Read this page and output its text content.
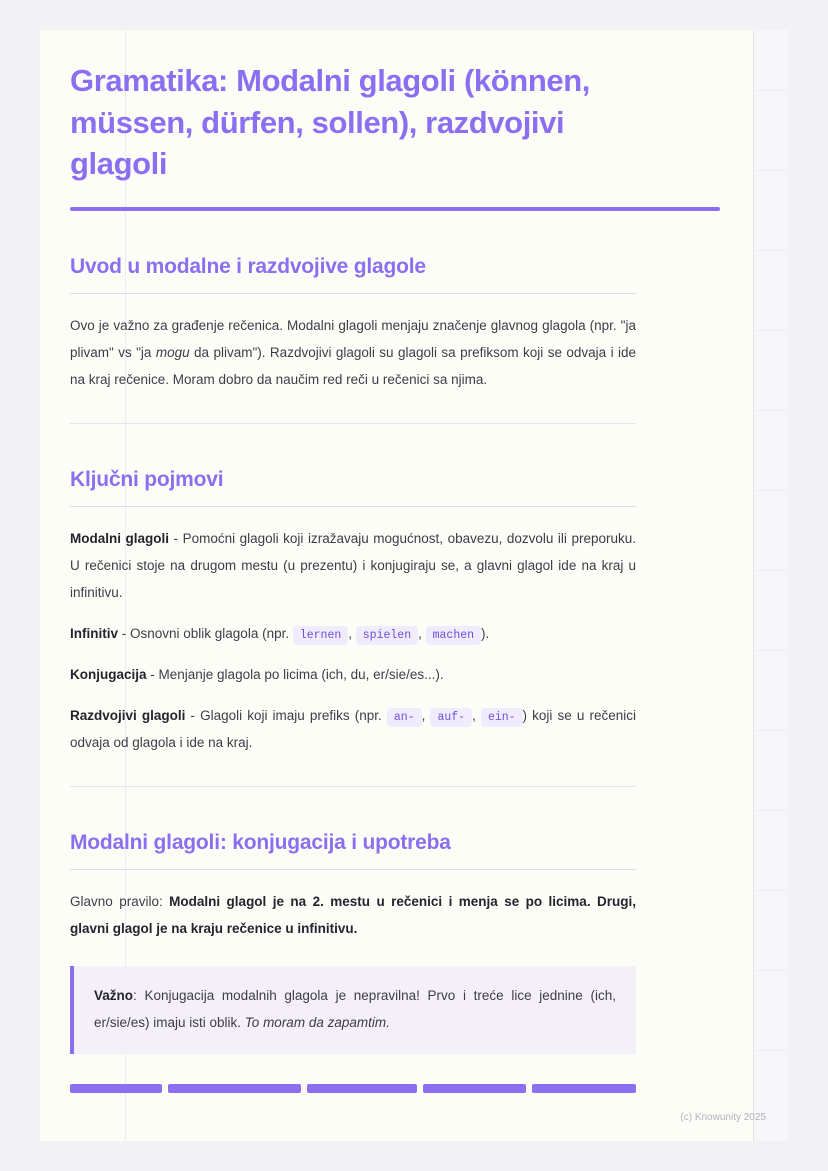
Gramatika: Modalni glagoli (können, müssen, dürfen, sollen), razdvojivi glagoli
Uvod u modalne i razdvojive glagole

Ovo je važno za građenje rečenica. Modalni glagoli menjaju značenje glavnog glagola (npr. "ja plivam" vs "ja mogu da plivam"). Razdvojivi glagoli su glagoli sa prefiksom koji se odvaja i ide na kraj rečenice. Moram dobro da naučim red reči u rečenici sa njima.

Ključni pojmovi

Modalni glagoli - Pomoćni glagoli koji izražavaju mogućnost, obavezu, dozvolu ili preporuku. U rečenici stoje na drugom mestu (u prezentu) i konjugiraju se, a glavni glagol ide na kraj u infinitivu.

Infinitiv - Osnovni oblik glagola (npr. lernen , spielen , machen ).

Konjugacija - Menjanje glagola po licima (ich, du, er/sie/es...).

Razdvojivi glagoli - Glagoli koji imaju prefiks (npr. an- , auf- , ein- ) koji se u rečenici odvaja od glagola i ide na kraj.

Modalni glagoli: konjugacija i upotreba

Glavno pravilo: Modalni glagol je na 2. mestu u rečenici i menja se po licima. Drugi, glavni glagol je na kraju rečenice u infinitivu.

Važno: Konjugacija modalnih glagola je nepravilna! Prvo i treće lice jednine (ich, er/sie/es) imaju isti oblik. To moram da zapamtim.

(c) Knowunity 2025
